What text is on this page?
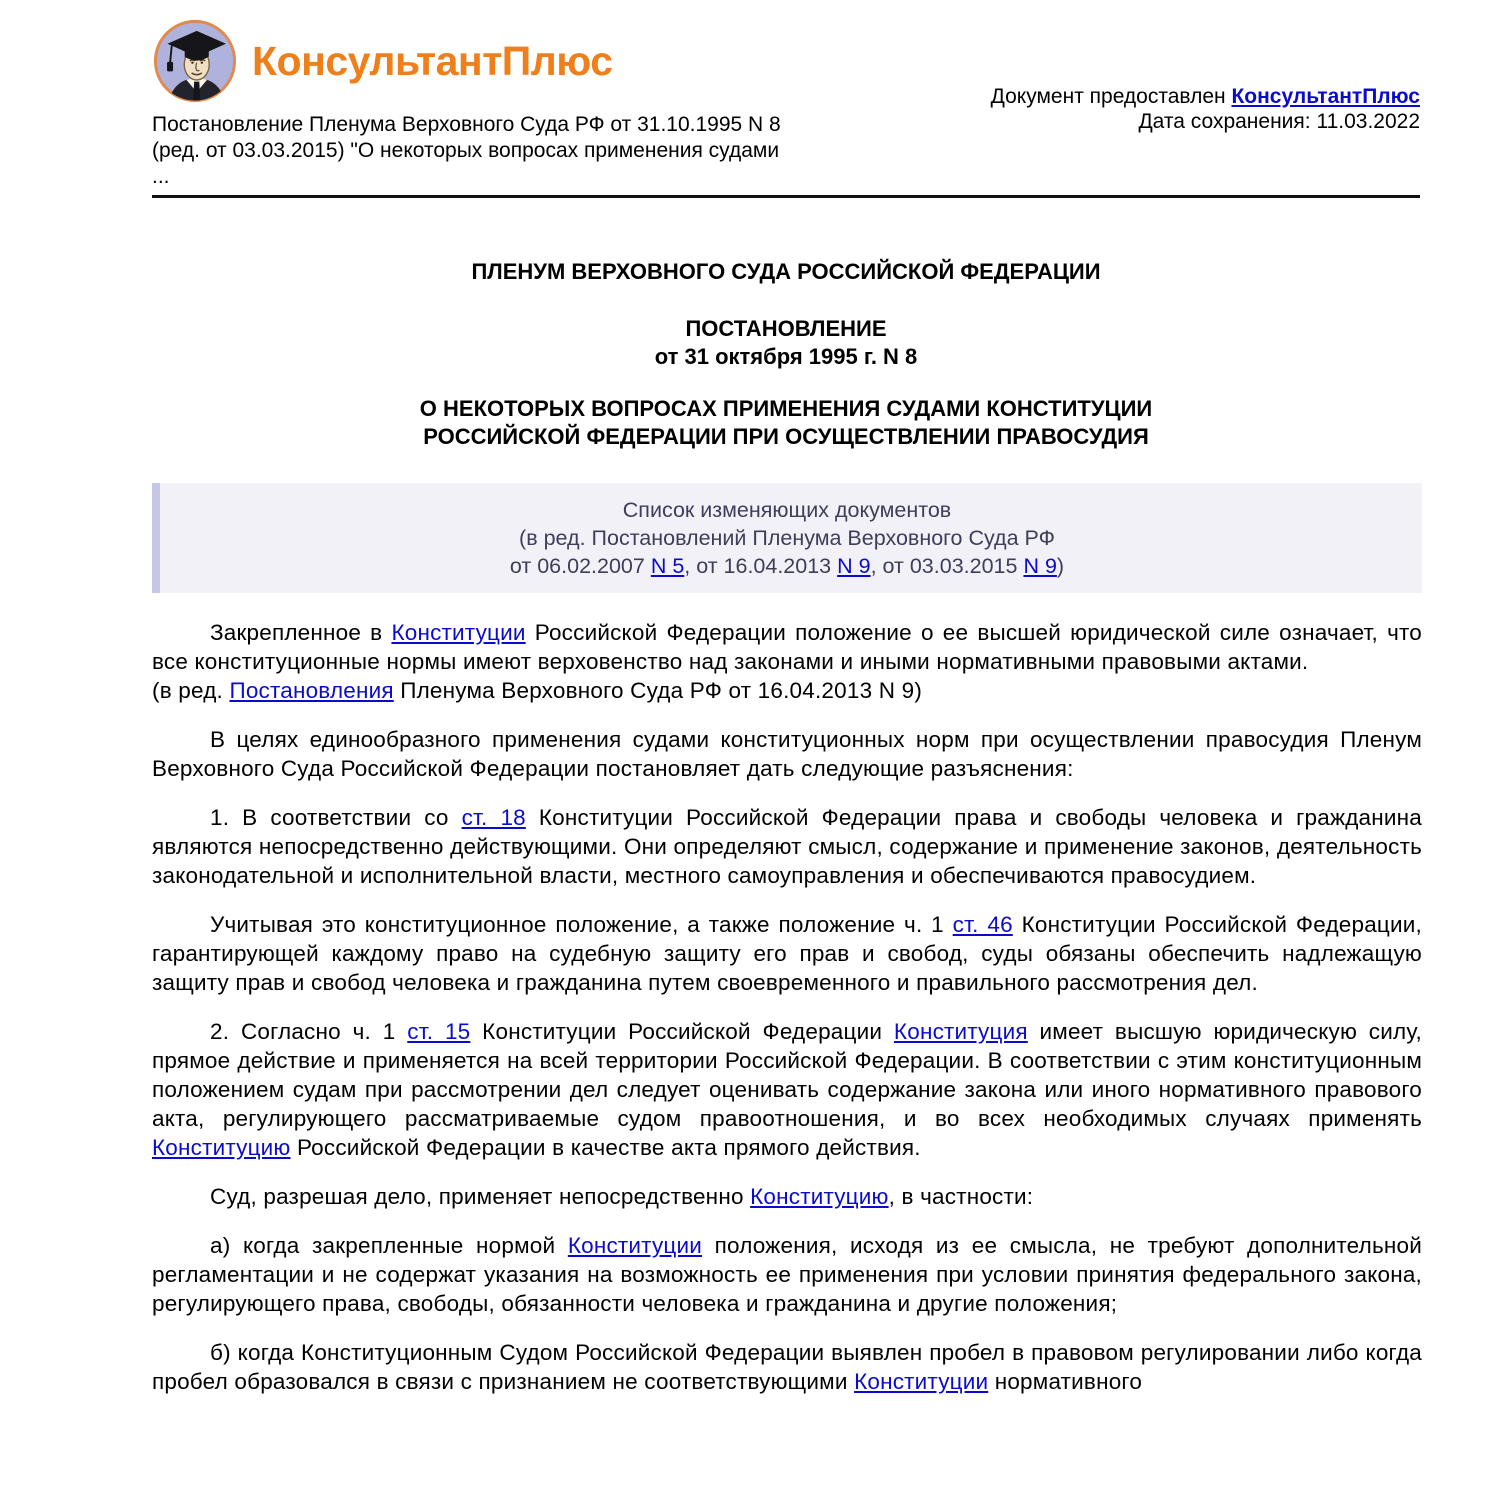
КонсультантПлюс
Документ предоставлен КонсультантПлюс
Дата сохранения: 11.03.2022
Постановление Пленума Верховного Суда РФ от 31.10.1995 N 8
(ред. от 03.03.2015) "О некоторых вопросах применения судами
...
ПЛЕНУМ ВЕРХОВНОГО СУДА РОССИЙСКОЙ ФЕДЕРАЦИИ
ПОСТАНОВЛЕНИЕ
от 31 октября 1995 г. N 8
О НЕКОТОРЫХ ВОПРОСАХ ПРИМЕНЕНИЯ СУДАМИ КОНСТИТУЦИИ
РОССИЙСКОЙ ФЕДЕРАЦИИ ПРИ ОСУЩЕСТВЛЕНИИ ПРАВОСУДИЯ

Список изменяющих документов

(в ред. Постановлений Пленума Верховного Суда РФ

от 06.02.2007 N 5, от 16.04.2013 N 9, от 03.03.2015 N 9)

Закрепленное в Конституции Российской Федерации положение о ее высшей юридической силе означает, что все конституционные нормы имеют верховенство над законами и иными нормативными правовыми актами.

(в ред. Постановления Пленума Верховного Суда РФ от 16.04.2013 N 9)

В целях единообразного применения судами конституционных норм при осуществлении правосудия Пленум Верховного Суда Российской Федерации постановляет дать следующие разъяснения:

1. В соответствии со ст. 18 Конституции Российской Федерации права и свободы человека и гражданина являются непосредственно действующими. Они определяют смысл, содержание и применение законов, деятельность законодательной и исполнительной власти, местного самоуправления и обеспечиваются правосудием.

Учитывая это конституционное положение, а также положение ч. 1 ст. 46 Конституции Российской Федерации, гарантирующей каждому право на судебную защиту его прав и свобод, суды обязаны обеспечить надлежащую защиту прав и свобод человека и гражданина путем своевременного и правильного рассмотрения дел.

2. Согласно ч. 1 ст. 15 Конституции Российской Федерации Конституция имеет высшую юридическую силу, прямое действие и применяется на всей территории Российской Федерации. В соответствии с этим конституционным положением судам при рассмотрении дел следует оценивать содержание закона или иного нормативного правового акта, регулирующего рассматриваемые судом правоотношения, и во всех необходимых случаях применять Конституцию Российской Федерации в качестве акта прямого действия.

Суд, разрешая дело, применяет непосредственно Конституцию, в частности:

а) когда закрепленные нормой Конституции положения, исходя из ее смысла, не требуют дополнительной регламентации и не содержат указания на возможность ее применения при условии принятия федерального закона, регулирующего права, свободы, обязанности человека и гражданина и другие положения;

б) когда Конституционным Судом Российской Федерации выявлен пробел в правовом регулировании либо когда пробел образовался в связи с признанием не соответствующими Конституции нормативного
